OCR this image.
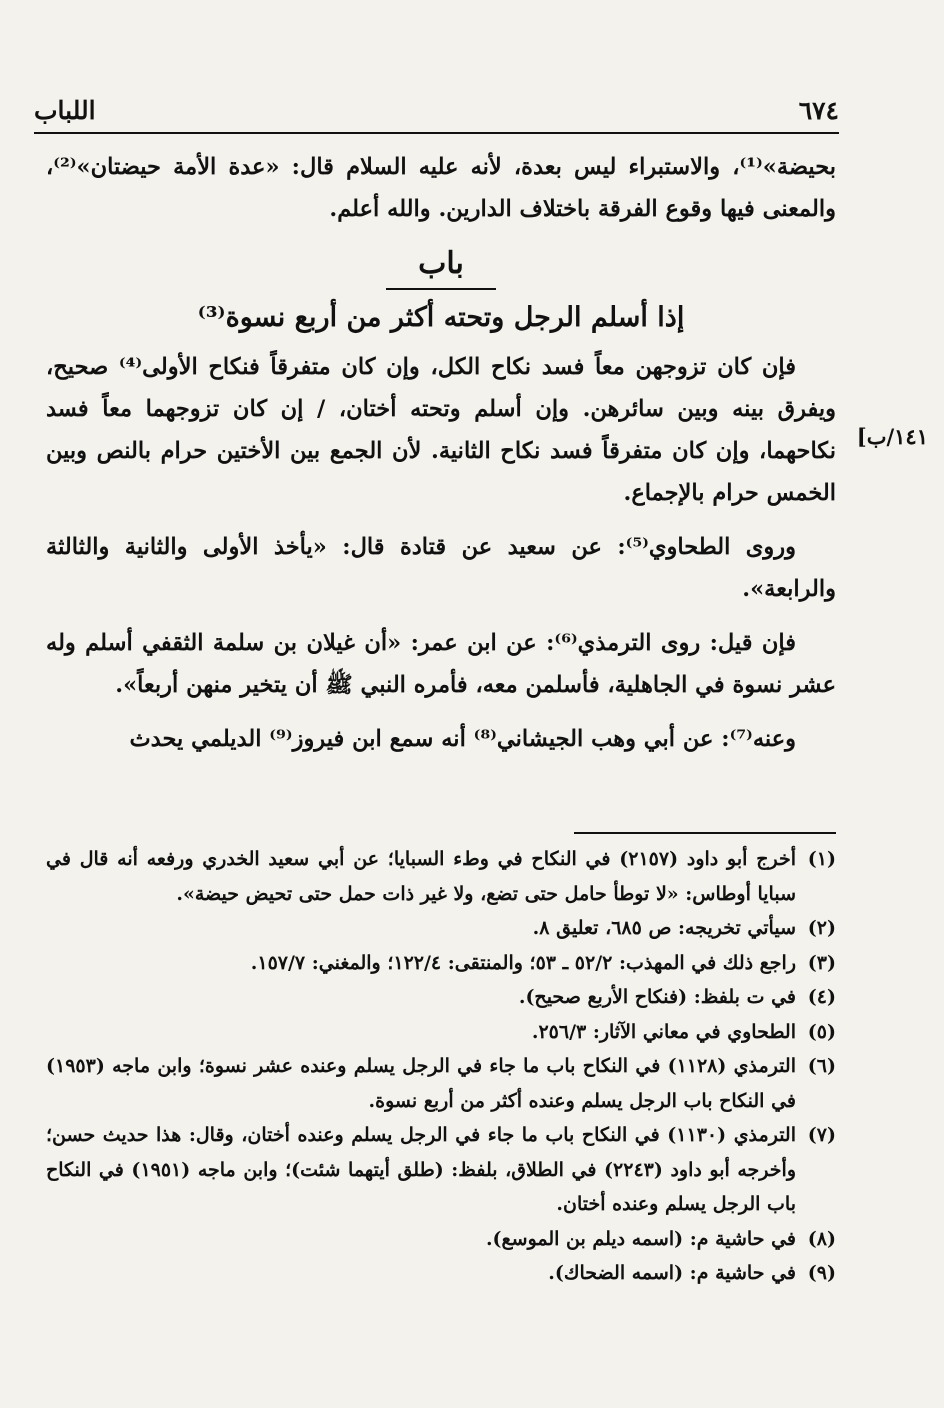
٦٧٤
اللباب
١٤١/ب]

بحيضة»⁽¹⁾، والاستبراء ليس بعدة، لأنه عليه السلام قال: «عدة الأمة حيضتان»⁽²⁾، والمعنى فيها وقوع الفرقة باختلاف الدارين. والله أعلم.

باب
إذا أسلم الرجل وتحته أكثر من أربع نسوة⁽³⁾

فإن كان تزوجهن معاً فسد نكاح الكل، وإن كان متفرقاً فنكاح الأولى⁽⁴⁾ صحيح، ويفرق بينه وبين سائرهن. وإن أسلم وتحته أختان، / إن كان تزوجهما معاً فسد نكاحهما، وإن كان متفرقاً فسد نكاح الثانية. لأن الجمع بين الأختين حرام بالنص وبين الخمس حرام بالإجماع.

وروى الطحاوي⁽⁵⁾: عن سعيد عن قتادة قال: «يأخذ الأولى والثانية والثالثة والرابعة».

فإن قيل: روى الترمذي⁽⁶⁾: عن ابن عمر: «أن غيلان بن سلمة الثقفي أسلم وله عشر نسوة في الجاهلية، فأسلمن معه، فأمره النبي ﷺ أن يتخير منهن أربعاً».

وعنه⁽⁷⁾: عن أبي وهب الجيشاني⁽⁸⁾ أنه سمع ابن فيروز⁽⁹⁾ الديلمي يحدث

(١)
أخرج أبو داود (٢١٥٧) في النكاح في وطء السبايا؛ عن أبي سعيد الخدري ورفعه أنه قال في سبايا أوطاس: «لا توطأ حامل حتى تضع، ولا غير ذات حمل حتى تحيض حيضة».
(٢)
سيأتي تخريجه: ص ٦٨٥، تعليق ٨.
(٣)
راجع ذلك في المهذب: ٥٢/٢ ـ ٥٣؛ والمنتقى: ١٢٢/٤؛ والمغني: ١٥٧/٧.
(٤)
في ت بلفظ: (فنكاح الأربع صحيح).
(٥)
الطحاوي في معاني الآثار: ٢٥٦/٣.
(٦)
الترمذي (١١٢٨) في النكاح باب ما جاء في الرجل يسلم وعنده عشر نسوة؛ وابن ماجه (١٩٥٣) في النكاح باب الرجل يسلم وعنده أكثر من أربع نسوة.
(٧)
الترمذي (١١٣٠) في النكاح باب ما جاء في الرجل يسلم وعنده أختان، وقال: هذا حديث حسن؛ وأخرجه أبو داود (٢٢٤٣) في الطلاق، بلفظ: (طلق أيتهما شئت)؛ وابن ماجه (١٩٥١) في النكاح باب الرجل يسلم وعنده أختان.
(٨)
في حاشية م: (اسمه ديلم بن الموسع).
(٩)
في حاشية م: (اسمه الضحاك).
